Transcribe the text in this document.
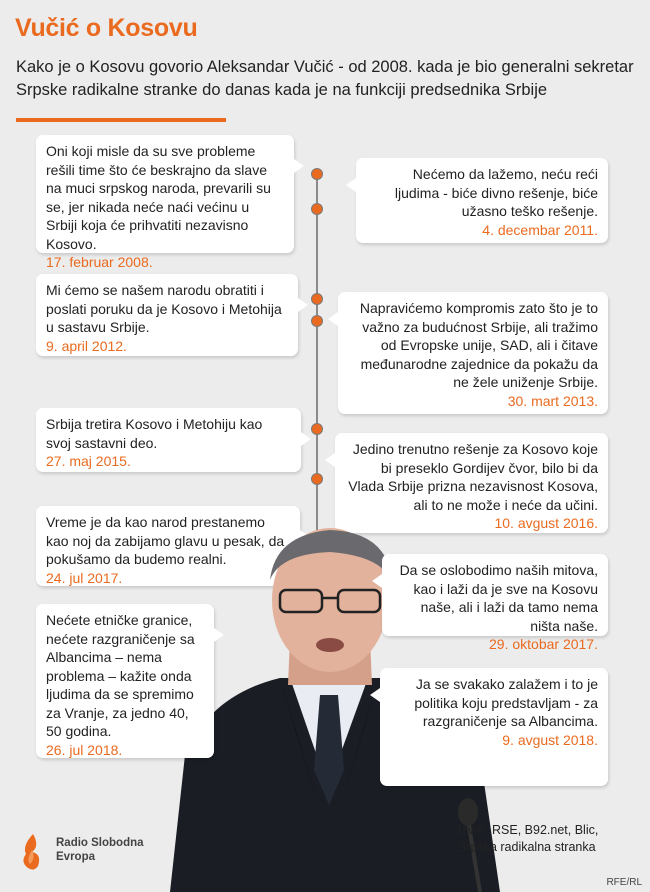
Vučić o Kosovu
Kako je o Kosovu govorio Aleksandar Vučić - od 2008. kada je bio generalni sekretar Srpske radikalne stranke do danas kada je na funkciji predsednika Srbije
Oni koji misle da su sve probleme rešili time što će beskrajno da slave na muci srpskog naroda, prevarili su se, jer nikada neće naći većinu u Srbiji koja će prihvatiti nezavisno Kosovo.
17. februar 2008.
Nećemo da lažemo, neću reći ljudima - biće divno rešenje, biće užasno teško rešenje.
4. decembar 2011.
Mi ćemo se našem narodu obratiti i poslati poruku da je Kosovo i Metohija u sastavu Srbije.
9. april 2012.
Napravićemo kompromis zato što je to važno za budućnost Srbije, ali tražimo od Evropske unije, SAD, ali i čitave međunarodne zajednice da pokažu da ne žele uniženje Srbije.
30. mart 2013.
Srbija tretira Kosovo i Metohiju kao svoj sastavni deo.
27. maj 2015.
Jedino trenutno rešenje za Kosovo koje bi preseklo Gordijev čvor, bilo bi da Vlada Srbije prizna nezavisnost Kosova, ali to ne može i neće da učini.
10. avgust 2016.
Vreme je da kao narod prestanemo kao noj da zabijamo glavu u pesak, da pokušamo da budemo realni.
24. jul 2017.	Da se oslobodimo naših mitova, kao i laži da je sve na Kosovu naše, ali i laži da tamo nema ništa naše.
29. oktobar 2017.
Nećete etničke granice, nećete razgraničenje sa Albancima – nema problema – kažite onda ljudima da se spremimo za Vranje, za jedno 40, 50 godina.
26. jul 2018.
Ja se svakako zalažem i to je politika koju predstavljam - za razgraničenje sa Albancima.
9. avgust 2018.
Radio Slobodna
Evropa
Izvor: RSE, B92.net, Blic,
Srpska radikalna stranka
RFE/RL
